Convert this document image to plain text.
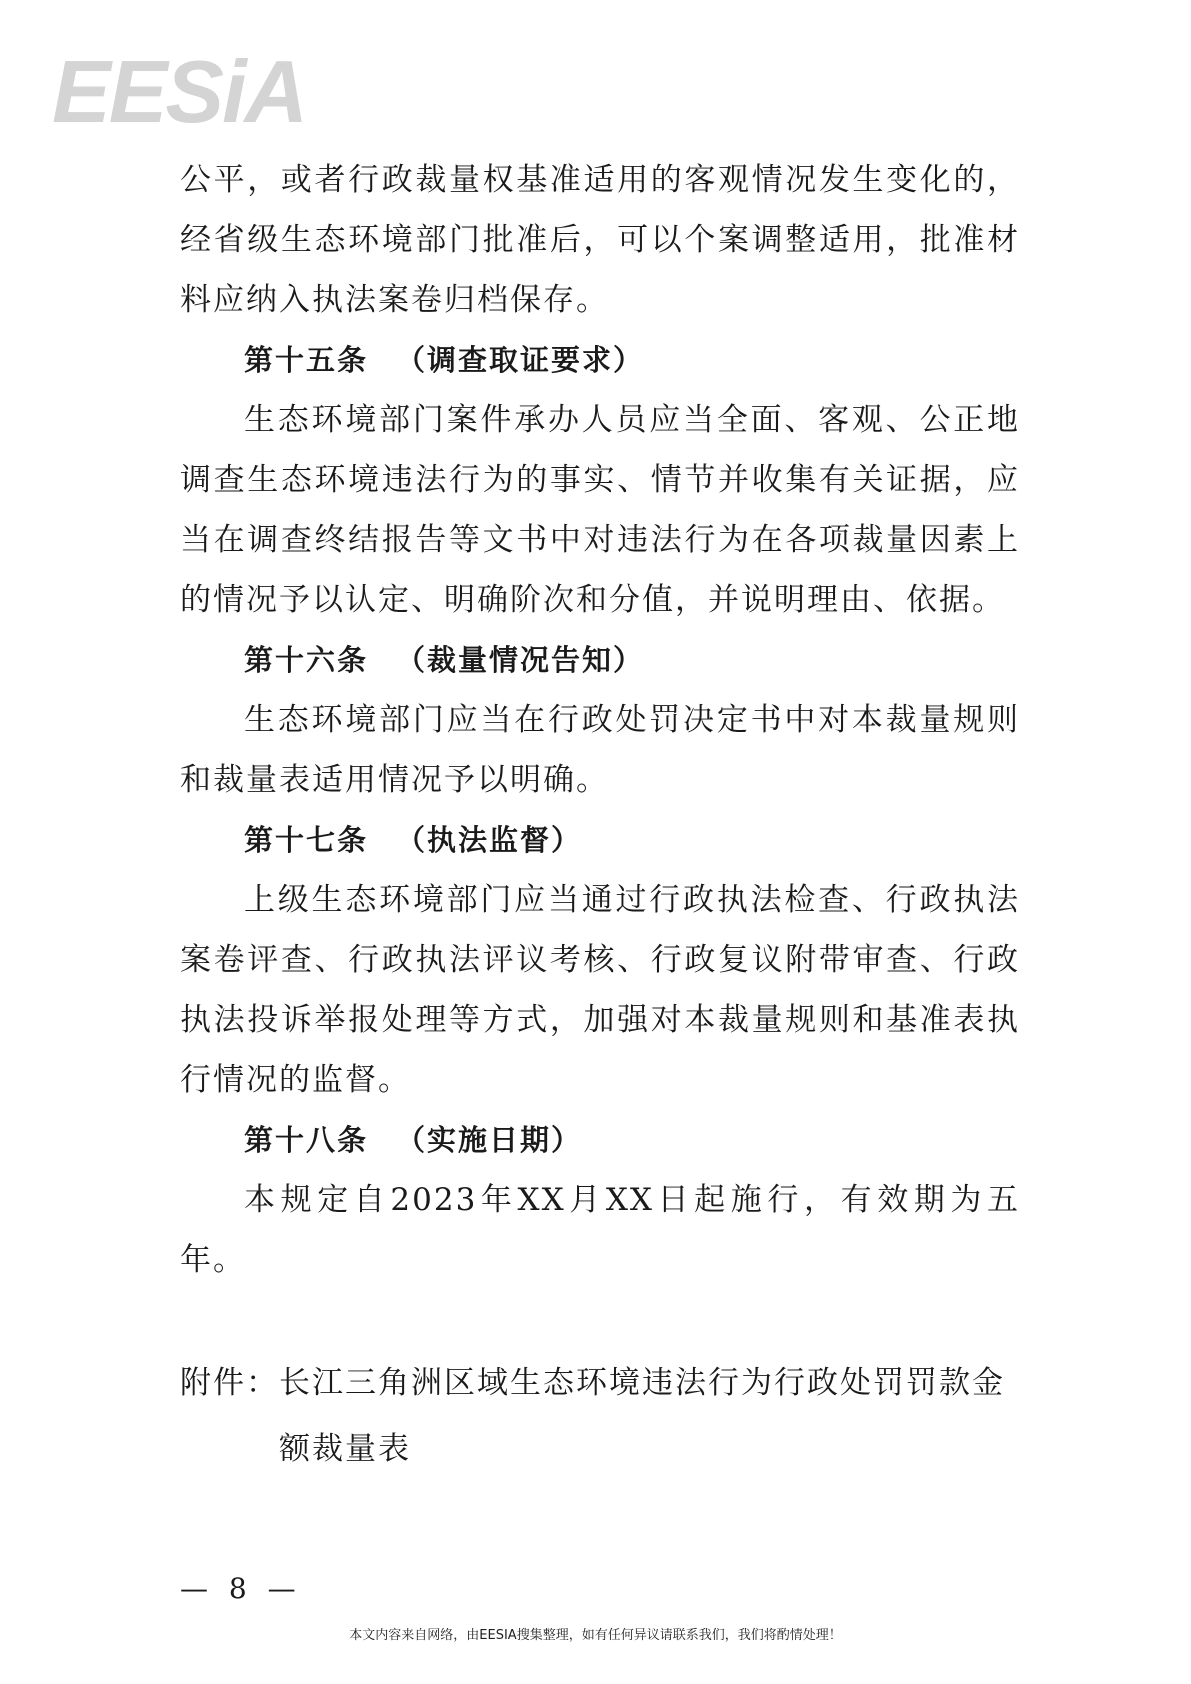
EESiA

公平，或者行政裁量权基准适用的客观情况发生变化的，经省级生态环境部门批准后，可以个案调整适用，批准材料应纳入执法案卷归档保存。

第十五条 （调查取证要求）

生态环境部门案件承办人员应当全面、客观、公正地调查生态环境违法行为的事实、情节并收集有关证据，应当在调查终结报告等文书中对违法行为在各项裁量因素上的情况予以认定、明确阶次和分值，并说明理由、依据。

第十六条 （裁量情况告知）

生态环境部门应当在行政处罚决定书中对本裁量规则和裁量表适用情况予以明确。

第十七条 （执法监督）

上级生态环境部门应当通过行政执法检查、行政执法案卷评查、行政执法评议考核、行政复议附带审查、行政执法投诉举报处理等方式，加强对本裁量规则和基准表执行情况的监督。

第十八条 （实施日期）

本规定自2023年XX月XX日起施行，有效期为五年。

附件： 长江三角洲区域生态环境违法行为行政处罚罚款金额裁量表
— 8 —
本文内容来自网络，由EESIA搜集整理，如有任何异议请联系我们，我们将酌情处理！
